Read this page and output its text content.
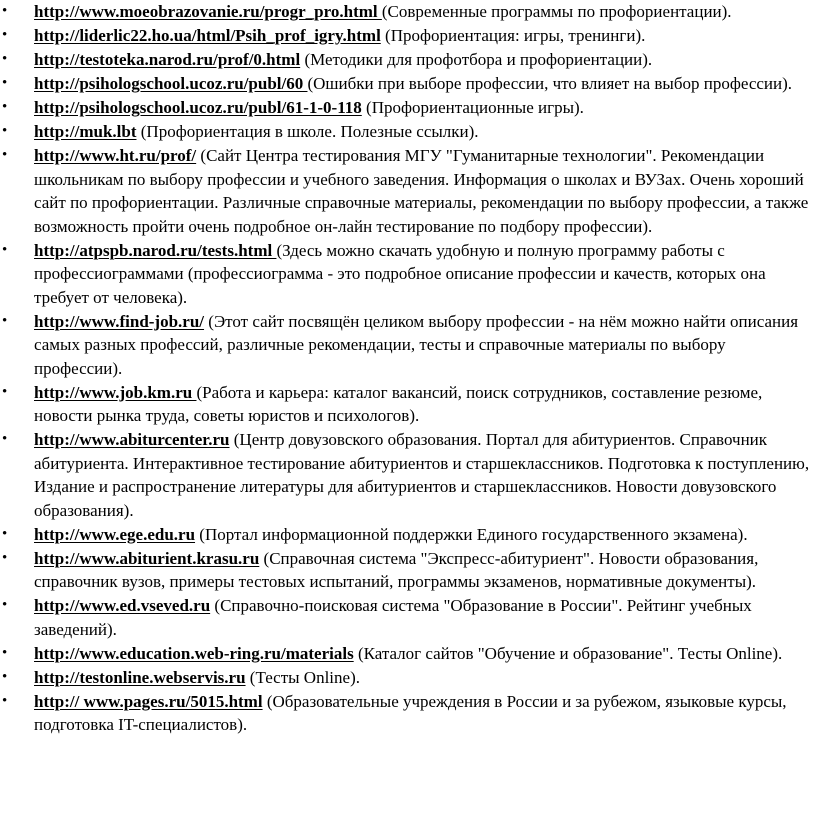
•	http://www.moeobrazovanie.ru/progr_pro.html (Современные программы по профориентации).
•	http://liderlic22.ho.ua/html/Psih_prof_igry.html (Профориентация: игры, тренинги).
•	http://testoteka.narod.ru/prof/0.html (Методики для профотбора и профориентации).
•	http://psihologschool.ucoz.ru/publ/60 (Ошибки при выборе профессии, что влияет на выбор профессии).
•	http://psihologschool.ucoz.ru/publ/61-1-0-118 (Профориентационные игры).
•	http://muk.lbt (Профориентация в школе. Полезные ссылки).
•	http://www.ht.ru/prof/ (Сайт Центра тестирования МГУ "Гуманитарные технологии". Рекомендации школьникам по выбору профессии и учебного заведения. Информация о школах и ВУЗах. Очень хороший сайт по профориентации. Различные справочные материалы, рекомендации по выбору профессии, а также возможность пройти очень подробное он-лайн тестирование по подбору профессии).
•	http://atpspb.narod.ru/tests.html (Здесь можно скачать удобную и полную программу работы с профессиограммами (профессиограмма - это подробное описание профессии и качеств, которых она требует от человека).
•	http://www.find-job.ru/ (Этот сайт посвящён целиком выбору профессии - на нём можно найти описания самых разных профессий, различные рекомендации, тесты и справочные материалы по выбору профессии).
•	http://www.job.km.ru (Работа и карьера: каталог вакансий, поиск сотрудников, составление резюме, новости рынка труда, советы юристов и психологов).
•	http://www.abiturcenter.ru (Центр довузовского образования. Портал для абитуриентов. Справочник абитуриента. Интерактивное тестирование абитуриентов и старшеклассников. Подготовка к поступлению, Издание и распространение литературы для абитуриентов и старшеклассников. Новости довузовского образования).
•	http://www.ege.edu.ru (Портал информационной поддержки Единого государственного экзамена).
•	http://www.abiturient.krasu.ru (Справочная система "Экспресс-абитуриент". Новости образования, справочник вузов, примеры тестовых испытаний, программы экзаменов, нормативные документы).
•	http://www.ed.vseved.ru (Справочно-поисковая система "Образование в России". Рейтинг учебных заведений).
•	http://www.education.web-ring.ru/materials (Каталог сайтов "Обучение и образование". Тесты Online).
•	http://testonline.webservis.ru (Тесты Online).
•	http:// www.pages.ru/5015.html (Образовательные учреждения в России и за рубежом, языковые курсы, подготовка IT-специалистов).
